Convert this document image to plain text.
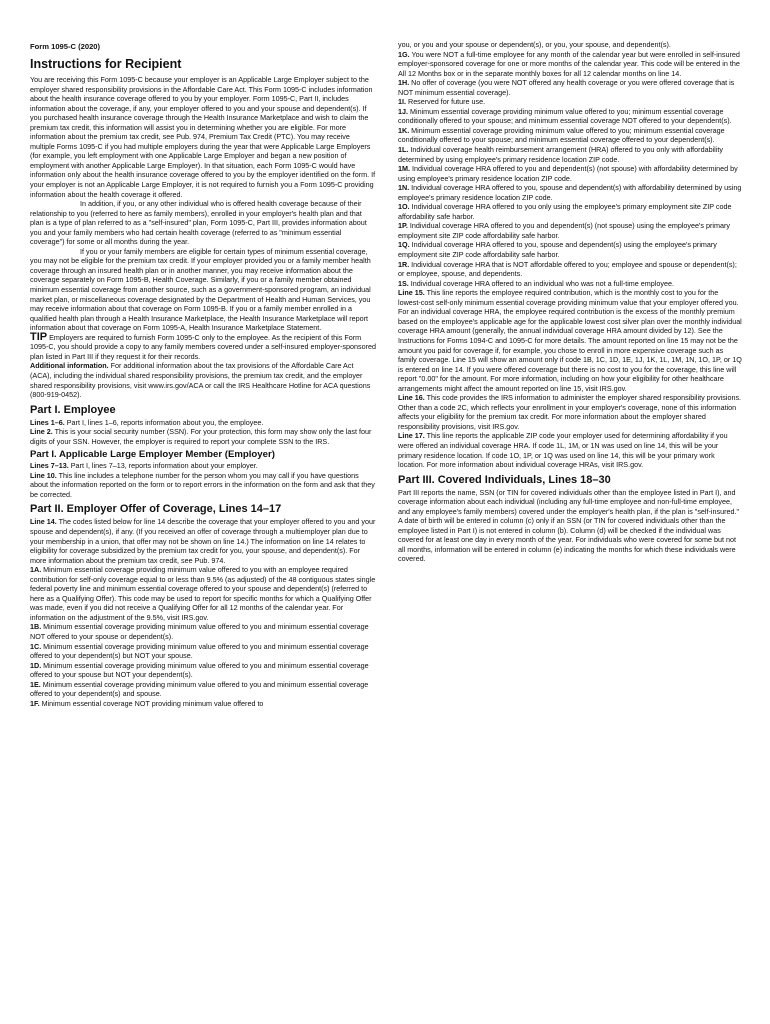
Form 1095-C (2020)

Instructions for Recipient

You are receiving this Form 1095-C because your employer is an Applicable Large Employer subject to the employer shared responsibility provisions in the Affordable Care Act. This Form 1095-C includes information about the health insurance coverage offered to you by your employer. Form 1095-C, Part II, includes information about the coverage, if any, your employer offered to you and your spouse and dependent(s). If you purchased health insurance coverage through the Health Insurance Marketplace and wish to claim the premium tax credit, this information will assist you in determining whether you are eligible. For more information about the premium tax credit, see Pub. 974, Premium Tax Credit (PTC). You may receive multiple Forms 1095-C if you had multiple employers during the year that were Applicable Large Employers (for example, you left employment with one Applicable Large Employer and began a new position of employment with another Applicable Large Employer). In that situation, each Form 1095-C would have information only about the health insurance coverage offered to you by the employer identified on the form. If your employer is not an Applicable Large Employer, it is not required to furnish you a Form 1095-C providing information about the health coverage it offered.

In addition, if you, or any other individual who is offered health coverage because of their relationship to you (referred to here as family members), enrolled in your employer's health plan and that plan is a type of plan referred to as a "self-insured" plan, Form 1095-C, Part III, provides information about you and your family members who had certain health coverage (referred to as "minimum essential coverage") for some or all months during the year.

If you or your family members are eligible for certain types of minimum essential coverage, you may not be eligible for the premium tax credit. If your employer provided you or a family member health coverage through an insured health plan or in another manner, you may receive information about the coverage separately on Form 1095-B, Health Coverage. Similarly, if you or a family member obtained minimum essential coverage from another source, such as a government-sponsored program, an individual market plan, or miscellaneous coverage designated by the Department of Health and Human Services, you may receive information about that coverage on Form 1095-B. If you or a family member enrolled in a qualified health plan through a Health Insurance Marketplace, the Health Insurance Marketplace will report information about that coverage on Form 1095-A, Health Insurance Marketplace Statement.

TIP Employers are required to furnish Form 1095-C only to the employee. As the recipient of this Form 1095-C, you should provide a copy to any family members covered under a self-insured employer-sponsored plan listed in Part III if they request it for their records.

Additional information. For additional information about the tax provisions of the Affordable Care Act (ACA), including the individual shared responsibility provisions, the premium tax credit, and the employer shared responsibility provisions, visit www.irs.gov/ACA or call the IRS Healthcare Hotline for ACA questions (800-919-0452).

Part I. Employee

Lines 1–6. Part I, lines 1–6, reports information about you, the employee.

Line 2. This is your social security number (SSN). For your protection, this form may show only the last four digits of your SSN. However, the employer is required to report your complete SSN to the IRS.

Part I. Applicable Large Employer Member (Employer)

Lines 7–13. Part I, lines 7–13, reports information about your employer.

Line 10. This line includes a telephone number for the person whom you may call if you have questions about the information reported on the form or to report errors in the information on the form and ask that they be corrected.

Part II. Employer Offer of Coverage, Lines 14–17

Line 14. The codes listed below for line 14 describe the coverage that your employer offered to you and your spouse and dependent(s), if any. (If you received an offer of coverage through a multiemployer plan due to your membership in a union, that offer may not be shown on line 14.) The information on line 14 relates to eligibility for coverage subsidized by the premium tax credit for you, your spouse, and dependent(s). For more information about the premium tax credit, see Pub. 974.

1A. Minimum essential coverage providing minimum value offered to you with an employee required contribution for self-only coverage equal to or less than 9.5% (as adjusted) of the 48 contiguous states single federal poverty line and minimum essential coverage offered to your spouse and dependent(s) (referred to here as a Qualifying Offer). This code may be used to report for specific months for which a Qualifying Offer was made, even if you did not receive a Qualifying Offer for all 12 months of the calendar year. For information on the adjustment of the 9.5%, visit IRS.gov.

1B. Minimum essential coverage providing minimum value offered to you and minimum essential coverage NOT offered to your spouse or dependent(s).

1C. Minimum essential coverage providing minimum value offered to you and minimum essential coverage offered to your dependent(s) but NOT your spouse.

1D. Minimum essential coverage providing minimum value offered to you and minimum essential coverage offered to your spouse but NOT your dependent(s).

1E. Minimum essential coverage providing minimum value offered to you and minimum essential coverage offered to your dependent(s) and spouse.

1F. Minimum essential coverage NOT providing minimum value offered to

you, or you and your spouse or dependent(s), or you, your spouse, and dependent(s).

1G. You were NOT a full-time employee for any month of the calendar year but were enrolled in self-insured employer-sponsored coverage for one or more months of the calendar year. This code will be entered in the All 12 Months box or in the separate monthly boxes for all 12 calendar months on line 14.

1H. No offer of coverage (you were NOT offered any health coverage or you were offered coverage that is NOT minimum essential coverage).

1I. Reserved for future use.

1J. Minimum essential coverage providing minimum value offered to you; minimum essential coverage conditionally offered to your spouse; and minimum essential coverage NOT offered to your dependent(s).

1K. Minimum essential coverage providing minimum value offered to you; minimum essential coverage conditionally offered to your spouse; and minimum essential coverage offered to your dependent(s).

1L. Individual coverage health reimbursement arrangement (HRA) offered to you only with affordability determined by using employee's primary residence location ZIP code.

1M. Individual coverage HRA offered to you and dependent(s) (not spouse) with affordability determined by using employee's primary residence location ZIP code.

1N. Individual coverage HRA offered to you, spouse and dependent(s) with affordability determined by using employee's primary residence location ZIP code.

1O. Individual coverage HRA offered to you only using the employee's primary employment site ZIP code affordability safe harbor.

1P. Individual coverage HRA offered to you and dependent(s) (not spouse) using the employee's primary employment site ZIP code affordability safe harbor.

1Q. Individual coverage HRA offered to you, spouse and dependent(s) using the employee's primary employment site ZIP code affordability safe harbor.

1R. Individual coverage HRA that is NOT affordable offered to you; employee and spouse or dependent(s); or employee, spouse, and dependents.

1S. Individual coverage HRA offered to an individual who was not a full-time employee.

Line 15. This line reports the employee required contribution, which is the monthly cost to you for the lowest-cost self-only minimum essential coverage providing minimum value that your employer offered you. For an individual coverage HRA, the employee required contribution is the excess of the monthly premium based on the employee's applicable age for the applicable lowest cost silver plan over the monthly individual coverage HRA amount (generally, the annual individual coverage HRA amount divided by 12). See the Instructions for Forms 1094-C and 1095-C for more details. The amount reported on line 15 may not be the amount you paid for coverage if, for example, you chose to enroll in more expensive coverage such as family coverage. Line 15 will show an amount only if code 1B, 1C, 1D, 1E, 1J, 1K, 1L, 1M, 1N, 1O, 1P, or 1Q is entered on line 14. If you were offered coverage but there is no cost to you for the coverage, this line will report "0.00" for the amount. For more information, including on how your eligibility for other healthcare arrangements might affect the amount reported on line 15, visit IRS.gov.

Line 16. This code provides the IRS information to administer the employer shared responsibility provisions. Other than a code 2C, which reflects your enrollment in your employer's coverage, none of this information affects your eligibility for the premium tax credit. For more information about the employer shared responsibility provisions, visit IRS.gov.

Line 17. This line reports the applicable ZIP code your employer used for determining affordability if you were offered an individual coverage HRA. If code 1L, 1M, or 1N was used on line 14, this will be your primary residence location. If code 1O, 1P, or 1Q was used on line 14, this will be your primary work location. For more information about individual coverage HRAs, visit IRS.gov.

Part III. Covered Individuals, Lines 18–30

Part III reports the name, SSN (or TIN for covered individuals other than the employee listed in Part I), and coverage information about each individual (including any full-time employee and non-full-time employee, and any employee's family members) covered under the employer's health plan, if the plan is "self-insured." A date of birth will be entered in column (c) only if an SSN (or TIN for covered individuals other than the employee listed in Part I) is not entered in column (b). Column (d) will be checked if the individual was covered for at least one day in every month of the year. For individuals who were covered for some but not all months, information will be entered in column (e) indicating the months for which these individuals were covered.
